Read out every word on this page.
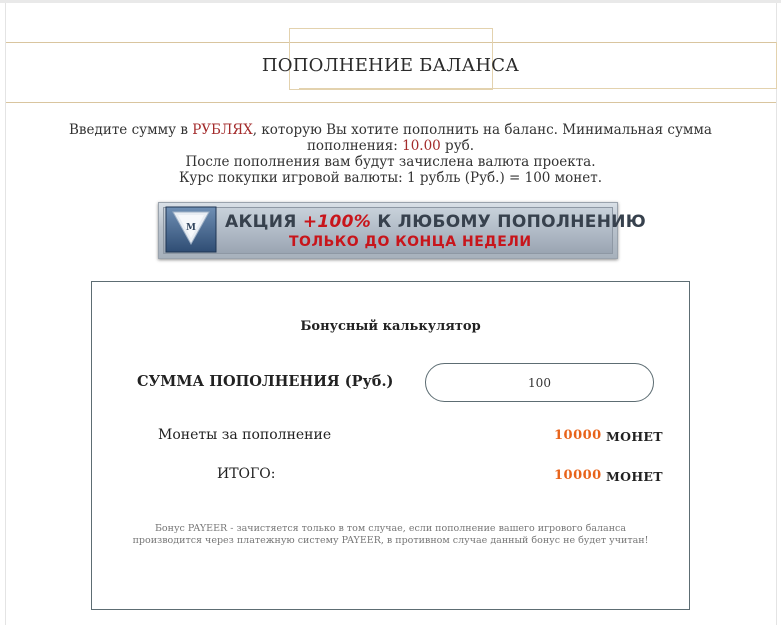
ПОПОЛНЕНИЕ БАЛАНСА
Введите сумму в РУБЛЯХ, которую Вы хотите пополнить на баланс. Минимальная сумма пополнения: 10.00 руб.
После пополнения вам будут зачислена валюта проекта.
Курс покупки игровой валюты: 1 рубль (Руб.) = 100 монет.
M АКЦИЯ +100% К ЛЮБОМУ ПОПОЛНЕНИЮ
ТОЛЬКО ДО КОНЦА НЕДЕЛИ
Бонусный калькулятор
СУММА ПОПОЛНЕНИЯ (Руб.)
100
Монеты за пополнение	10000 МОНЕТ
ИТОГО:	10000 МОНЕТ
Бонус PAYEER - зачистяется только в том случае, если пополнение вашего игрового баланса производится через платежную систему PAYEER, в противном случае данный бонус не будет учитан!
